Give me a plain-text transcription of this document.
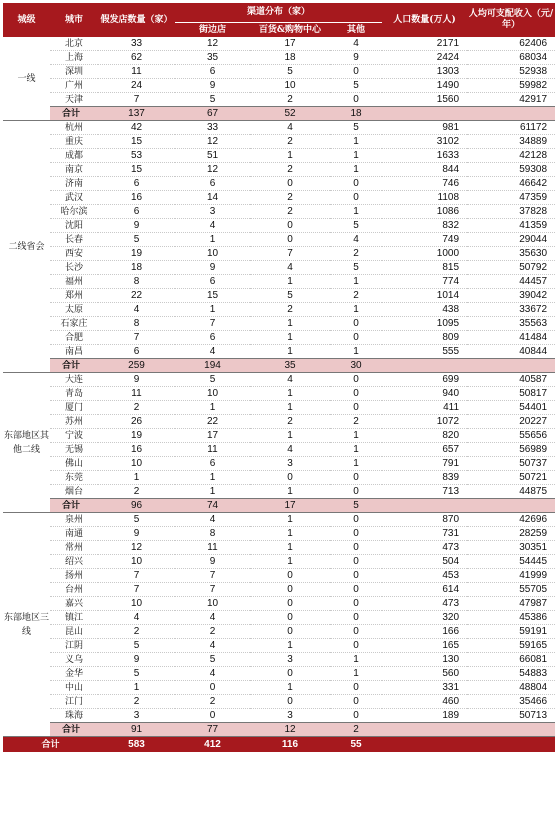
城级	城市	假发店数量（家）	渠道分布（家）			人口数量(万人)	人均可支配收入（元/年）
			街边店	百货&购物中心	其他		
一线	北京	33	12	17	4	2171	62406
	上海	62	35	18	9	2424	68034
	深圳	11	6	5	0	1303	52938
	广州	24	9	10	5	1490	59982
	天津	7	5	2	0	1560	42917
	合计	137	67	52	18		
二线省会	杭州	42	33	4	5	981	61172
	重庆	15	12	2	1	3102	34889
	成都	53	51	1	1	1633	42128
	南京	15	12	2	1	844	59308
	济南	6	6	0	0	746	46642
	武汉	16	14	2	0	1108	47359
	哈尔滨	6	3	2	1	1086	37828
	沈阳	9	4	0	5	832	41359
	长春	5	1	0	4	749	29044
	西安	19	10	7	2	1000	35630
	长沙	18	9	4	5	815	50792
	福州	8	6	1	1	774	44457
	郑州	22	15	5	2	1014	39042
	太原	4	1	2	1	438	33672
	石家庄	8	7	1	0	1095	35563
	合肥	7	6	1	0	809	41484
	南昌	6	4	1	1	555	40844
	合计	259	194	35	30		
东部地区其他二线	大连	9	5	4	0	699	40587
	青岛	11	10	1	0	940	50817
	厦门	2	1	1	0	411	54401
	苏州	26	22	2	2	1072	20227
	宁波	19	17	1	1	820	55656
	无锡	16	11	4	1	657	56989
	佛山	10	6	3	1	791	50737
	东莞	1	1	0	0	839	50721
	烟台	2	1	1	0	713	44875
	合计	96	74	17	5		
东部地区三线	泉州	5	4	1	0	870	42696
	南通	9	8	1	0	731	28259
	常州	12	11	1	0	473	30351
	绍兴	10	9	1	0	504	54445
	扬州	7	7	0	0	453	41999
	台州	7	7	0	0	614	55705
	嘉兴	10	10	0	0	473	47987
	镇江	4	4	0	0	320	45386
	昆山	2	2	0	0	166	59191
	江阴	5	4	1	0	165	59165
	义乌	9	5	3	1	130	66081
	金华	5	4	0	1	560	54883
	中山	1	0	1	0	331	48804
	江门	2	2	0	0	460	35466
	珠海	3	0	3	0	189	50713
	合计	91	77	12	2		
合计		583	412	116	55		
